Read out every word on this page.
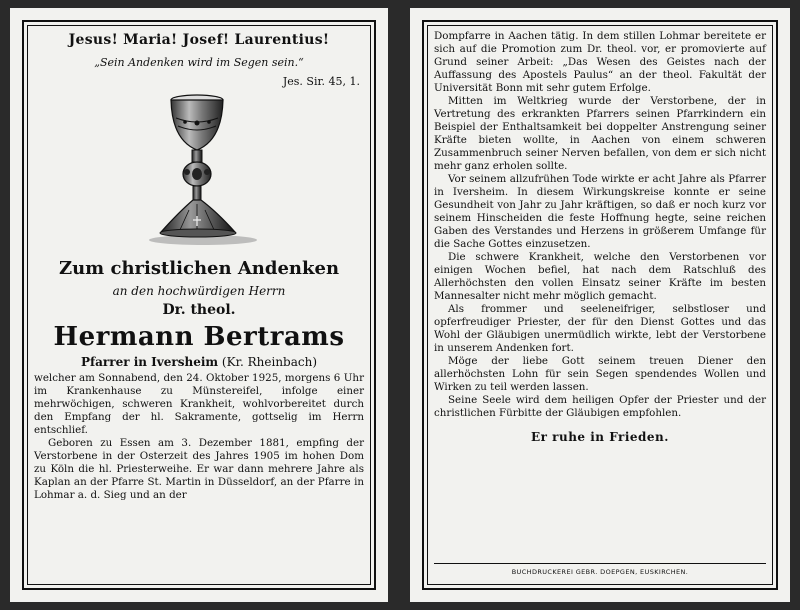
Jesus! Maria! Josef! Laurentius!
„Sein Andenken wird im Segen sein.“
Jes. Sir. 45, 1.
Zum christlichen Andenken
an den hochwürdigen Herrn
Dr. theol.
Hermann Bertrams
Pfarrer in Iversheim (Kr. Rheinbach)

welcher am Sonnabend, den 24. Oktober 1925, morgens 6 Uhr im Krankenhause zu Münstereifel, infolge einer mehrwöchigen, schweren Krankheit, wohlvorbereitet durch den Empfang der hl. Sakramente, gottselig im Herrn entschlief.

Geboren zu Essen am 3. Dezember 1881, empfing der Verstorbene in der Osterzeit des Jahres 1905 im hohen Dom zu Köln die hl. Priesterweihe. Er war dann mehrere Jahre als Kaplan an der Pfarre St. Martin in Düsseldorf, an der Pfarre in Lohmar a. d. Sieg und an der

Dompfarre in Aachen tätig. In dem stillen Lohmar bereitete er sich auf die Promotion zum Dr. theol. vor, er promovierte auf Grund seiner Arbeit: „Das Wesen des Geistes nach der Auffassung des Apostels Paulus“ an der theol. Fakultät der Universität Bonn mit sehr gutem Erfolge.

Mitten im Weltkrieg wurde der Verstorbene, der in Vertretung des erkrankten Pfarrers seinen Pfarrkindern ein Beispiel der Enthaltsamkeit bei doppelter Anstrengung seiner Kräfte bieten wollte, in Aachen von einem schweren Zusammenbruch seiner Nerven befallen, von dem er sich nicht mehr ganz erholen sollte.

Vor seinem allzufrühen Tode wirkte er acht Jahre als Pfarrer in Iversheim. In diesem Wirkungskreise konnte er seine Gesundheit von Jahr zu Jahr kräftigen, so daß er noch kurz vor seinem Hinscheiden die feste Hoffnung hegte, seine reichen Gaben des Verstandes und Herzens in größerem Umfange für die Sache Gottes einzusetzen.

Die schwere Krankheit, welche den Verstorbenen vor einigen Wochen befiel, hat nach dem Ratschluß des Allerhöchsten den vollen Einsatz seiner Kräfte im besten Mannesalter nicht mehr möglich gemacht.

Als frommer und seeleneifriger, selbstloser und opferfreudiger Priester, der für den Dienst Gottes und das Wohl der Gläubigen unermüdlich wirkte, lebt der Verstorbene in unserem Andenken fort.

Möge der liebe Gott seinem treuen Diener den allerhöchsten Lohn für sein Segen spendendes Wollen und Wirken zu teil werden lassen.

Seine Seele wird dem heiligen Opfer der Priester und der christlichen Fürbitte der Gläubigen empfohlen.

Er ruhe in Frieden.
BUCHDRUCKEREI GEBR. DOEPGEN, EUSKIRCHEN.
